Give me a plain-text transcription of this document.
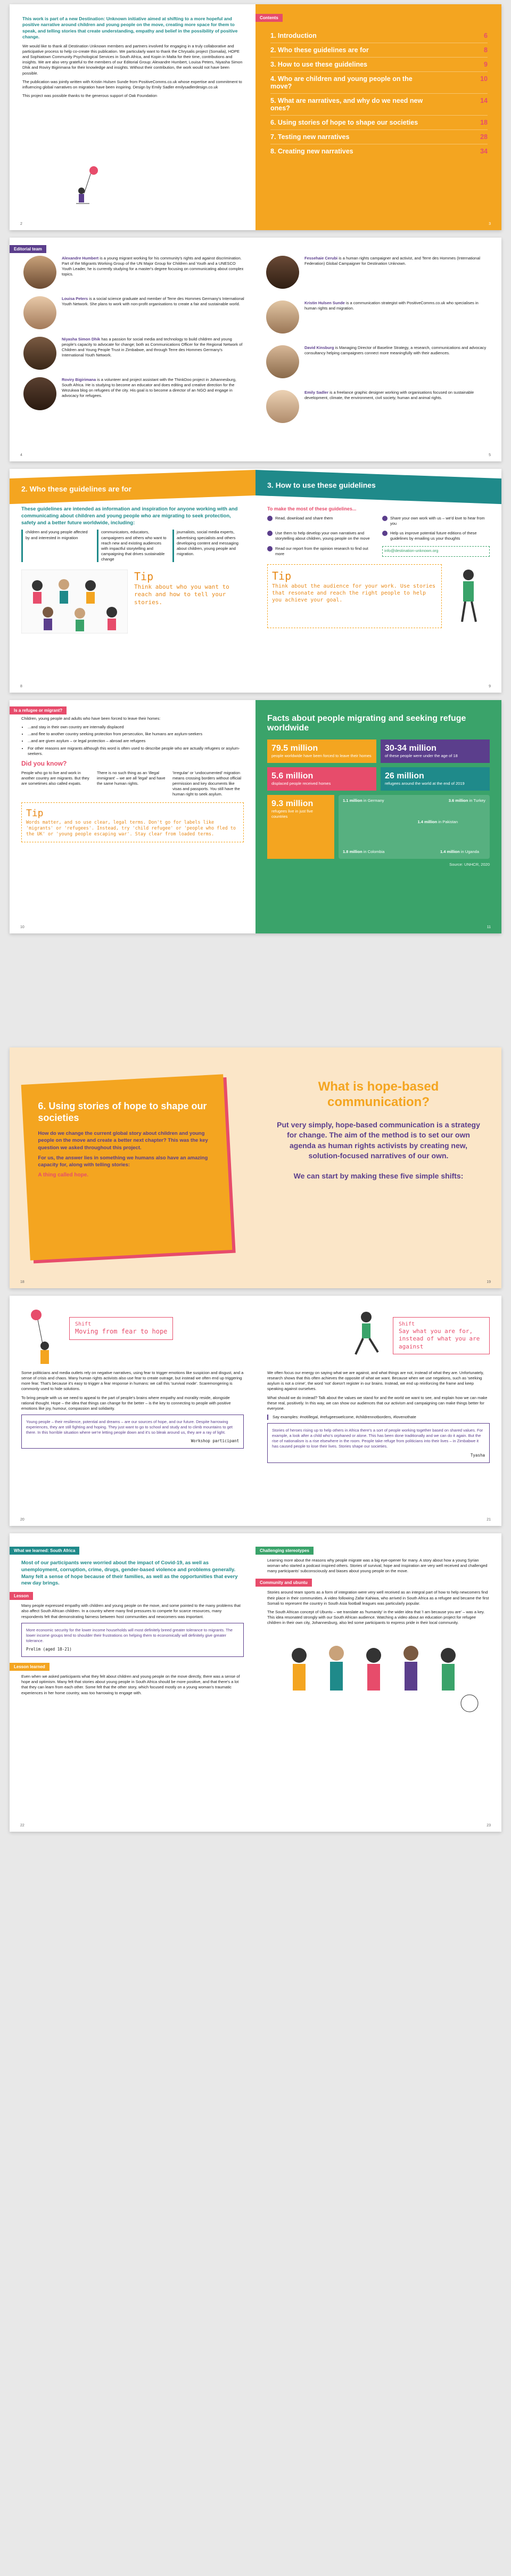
This work is part of a new Destination: Unknown initiative aimed at shifting to a more hopeful and positive narrative around children and young people on the move, creating more space for them to speak, and telling stories that create understanding, empathy and belief in the possibility of positive change.

We would like to thank all Destination Unknown members and partners involved for engaging in a truly collaborative and participative process to help co-create this publication. We particularly want to thank the Chrysalis project (Somalia), HOPE and Sophiatown Community Psychological Services in South Africa, and Kopin in Malta for their time, contributions and insights. We are also very grateful to the members of our Editorial Group: Alexandre Humbert, Louisa Peters, Niyasha Simon Dhik and Roviry Bigirimana for their knowledge and insights. Without their contribution, the work would not have been possible.

The publication was jointly written with Kristin Hulsen Sunde from PositiveComms.co.uk whose expertise and commitment to influencing global narratives on migration have been inspiring. Design by Emily Sadler emilysadlerdesign.co.uk

This project was possible thanks to the generous support of Oak Foundation

2
Contents
1. Introduction	6
2. Who these guidelines are for	8
3. How to use these guidelines	9
4. Who are children and young people on the move?
10
5. What are narratives, and why do we need new ones?
14
6. Using stories of hope to shape our societies	18
7. Testing new narratives	28
8. Creating new narratives	34
3
Editorial team
Alexandre Humbert is a young migrant working for his community's rights and against discrimination. Part of the Migrants Working Group of the UN Major Group for Children and Youth and a UNESCO Youth Leader, he is currently studying for a master's degree focusing on communicating about complex topics.
Louisa Peters is a social science graduate and member of Terre des Hommes Germany's International Youth Network. She plans to work with non-profit organisations to create a fair and sustainable world.
Niyasha Simon Dhik has a passion for social media and technology to build children and young people's capacity to advocate for change; both as Communications Officer for the Regional Network of Children and Young People Trust in Zimbabwe, and through Terre des Hommes Germany's International Youth Network.
Roviry Bigirimana is a volunteer and project assistant with the ThinkDoo project in Johannesburg, South Africa. He is studying to become an educator and does editing and creative direction for the Wezukwa blog on refugees of the city. His goal is to become a director of an NGO and engage in advocacy for refugees.
4
Fessehaie Cerubi is a human rights campaigner and activist, and Terre des Hommes (International Federation) Global Campaigner for Destination Unknown.
Kristin Hulsen Sunde is a communication strategist with PositiveComms.co.uk who specialises in human rights and migration.
David Kinsburg is Managing Director of Baseline Strategy, a research, communications and advocacy consultancy helping campaigners connect more meaningfully with their audiences.
Emily Sadler is a freelance graphic designer working with organisations focused on sustainable development, climate, the environment, civil society, human and animal rights.
5
2. Who these guidelines are for

These guidelines are intended as information and inspiration for anyone working with and communicating about children and young people who are migrating to seek protection, safety and a better future worldwide, including:

children and young people affected by and interested in migration
communicators, educators, campaigners and others who want to reach new and existing audiences with impactful storytelling and campaigning that drives sustainable change
journalists, social media experts, advertising specialists and others developing content and messaging about children, young people and migration.
Tip
Think about who you want to reach and how to tell your stories.
8
3. How to use these guidelines
To make the most of these guidelines...
Read, download and share them	Share your own work with us – we'd love to hear from you
Use them to help develop your own narratives and storytelling about children, young people on the move
Help us improve potential future editions of these guidelines by emailing us your thoughts
Read our report from the opinion research to find out more
info@destination-unknown.org
Tip
Think about the audience for your work. Use stories that resonate and reach the right people to help you achieve your goal.
9
Is a refugee or migrant?

Children, young people and adults who have been forced to leave their homes:

• ...and stay in their own country are internally displaced
• ...and flee to another country seeking protection from persecution, like humans are asylum-seekers
• ...and are given asylum – or legal protection – abroad are refugees
• For other reasons are migrants although this word is often used to describe people who are actually refugees or asylum-seekers.
Did you know?
People who go to live and work in another country are migrants. But they are sometimes also called expats.
There is no such thing as an 'illegal immigrant' – we are all 'legal' and have the same human rights.
'Irregular' or 'undocumented' migration means crossing borders without official permission and key documents like visas and passports. You still have the human right to seek asylum.
Tip
Words matter, and so use clear, legal terms. Don't go for labels like 'migrants' or 'refugees'. Instead, try 'child refugee' or 'people who fled to the UK' or 'young people escaping war'. Stay clear from loaded terms.
10
Facts about people migrating and seeking refuge worldwide
79.5 million
people worldwide have been forced to leave their homes
30-34 million
of these people were under the age of 18
5.6 million
displaced people received homes
26 million
refugees around the world at the end of 2019
9.3 million
refugees live in just five countries
1.1 million in Germany	3.6 million in Turkey
1.4 million in Pakistan
1.8 million in Colombia	1.4 million in Uganda
Source: UNHCR, 2020
11
6. Using stories of hope to shape our societies

How do we change the current global story about children and young people on the move and create a better next chapter? This was the key question we asked throughout this project.

For us, the answer lies in something we humans also have an amazing capacity for, along with telling stories:

A thing called hope.

18
What is hope-based communication?
Put very simply, hope-based communication is a strategy for change. The aim of the method is to set our own agenda as human rights activists by creating new, solution-focused narratives of our own.
We can start by making these five simple shifts:
19
Shift
Moving from fear to hope

Some politicians and media outlets rely on negative narratives, using fear to trigger emotions like suspicion and disgust, and a sense of crisis and chaos. Many human rights activists also use fear to create outrage, but instead we often end up triggering more fear. That's because it's easy to trigger a fear response in humans: we call this 'survival mode'. Scaremongering is commonly used to hide solutions.

To bring people with us we need to appeal to the part of people's brains where empathy and morality reside, alongside rational thought. Hope – the idea that things can change for the better – is the key to connecting to people with positive emotions like joy, humour, compassion and solidarity.

Young people – their resilience, potential and dreams – are our sources of hope, and our future. Despite harrowing experiences, they are still fighting and hoping. They just want to go to school and study and to climb mountains to get there. In this horrible situation where we're letting people down and it's so bleak around us, they are a ray of light.

Workshop participant
20
Shift
Say what you are for, instead of what you are against

We often focus our energy on saying what we are against, and what things are not, instead of what they are. Unfortunately, research shows that this often achieves the opposite of what we want. Because when we use negations, such as 'seeking asylum is not a crime', the word 'not' doesn't register in our brains. Instead, we end up reinforcing the frame and keep speaking against ourselves.

What should we do instead? Talk about the values we stand for and the world we want to see, and explain how we can make these real, positively. In this way, we can show our audiences that our activism and campaigning can make things better for everyone.

Say examples: #notillegal, #refugeeswelcome, #childrennotborders, #lovenothate

Stories of heroes rising up to help others in Africa there's a sort of people working together based on shared values. For example, a look after a child who's orphaned or alone. This has been done traditionally and we can do it again. But the rise of nationalism is a rise elsewhere in the room. People take refuge from politicians into their lives – in Zimbabwe it has caused people to lose their lives. Stories shape our societies.

Tyasha
21
What we learned: South Africa

Most of our participants were worried about the impact of Covid-19, as well as unemployment, corruption, crime, drugs, gender-based violence and problems generally. Many felt a sense of hope because of their families, as well as the opportunities that every new day brings.

Lesson

Many people expressed empathy with children and young people on the move, and some pointed to the many problems that also affect South African children. In a country where many find pressures to compete for scarce resources, many respondents felt that demonstrating fairness between host communities and newcomers was important.

More economic security for the lower income households will most definitely breed greater tolerance to migrants. The lower income groups tend to shoulder their frustrations on helping them to economically will definitely give greater tolerance.

Prelim (aged 18-21)
Lesson learned

Even when we asked participants what they felt about children and young people on the move directly, there was a sense of hope and optimism. Many felt that stories about young people in South Africa should be more positive, and that there's a lot that they can learn from each other. Some felt that the other story, which focused mostly on a young woman's traumatic experiences in her home country, was too harrowing to engage with.

22
Challenging stereotypes

Learning more about the reasons why people migrate was a big eye-opener for many. A story about how a young Syrian woman who started a podcast inspired others. Stories of survival, hope and inspiration are very well received and challenged many participants' subconsciously and biases about young people on the move.

Community and ubuntu

Stories around team sports as a form of integration were very well received as an integral part of how to help newcomers find their place in their communities. A video following Zafar Kahiwa, who arrived in South Africa as a refugee and became the first Somali to represent the country in South Asia football leagues was particularly popular.

The South African concept of Ubuntu – we translate as 'humanity' in the wider idea that 'I am because you are' – was a key. This idea resonated strongly with our South African audience. Watching a video about an education project for refugee children in their own city, Johannesburg, also led some participants to express pride in their local community.

23
